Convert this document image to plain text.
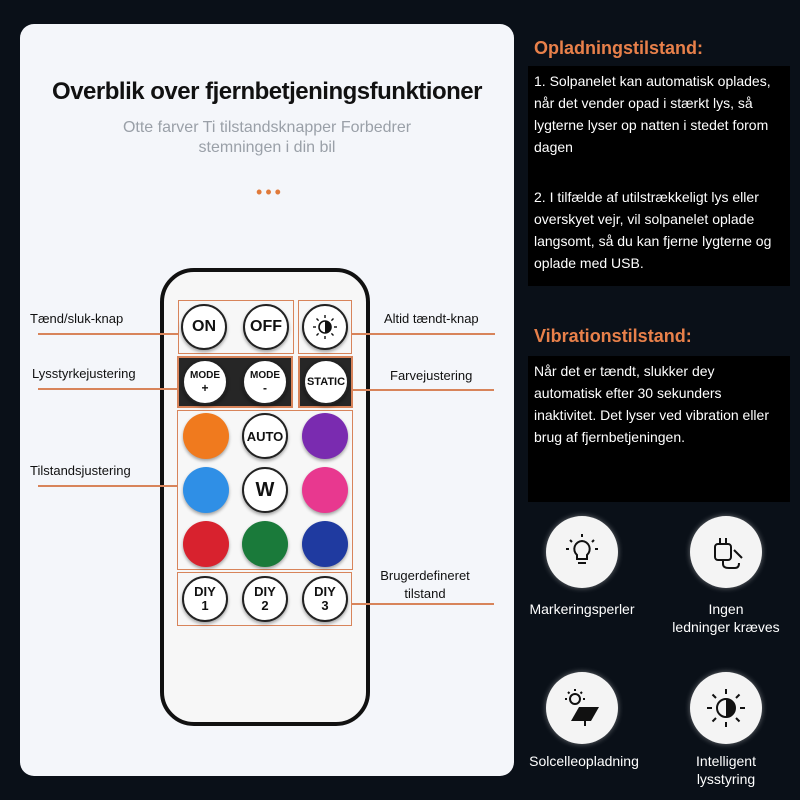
Overblik over fjernbetjeningsfunktioner
Otte farver Ti tilstandsknapper Forbedrer stemningen i din bil
•••
ON OFF
MODE
+
MODE
-	STATIC
AUTO
W
DIY
1
DIY
2
DIY
3
Tænd/sluk-knap	Altid tændt-knap
Lysstyrkejustering	Farvejustering
Tilstandsjustering
Brugerdefineret
tilstand
Opladningstilstand:

1. Solpanelet kan automatisk oplades, når det vender opad i stærkt lys, så lygterne lyser op natten i stedet forom dagen

2. I tilfælde af utilstrækkeligt lys eller overskyet vejr, vil solpanelet oplade langsomt, så du kan fjerne lygterne og oplade med USB.

Vibrationstilstand:

Når det er tændt, slukker dey automatisk efter 30 sekunders inaktivitet. Det lyser ved vibration eller brug af fjernbetjeningen.

Markeringsperler	Ingen
ledninger kræves
Solcelleopladning	Intelligent
lysstyring
